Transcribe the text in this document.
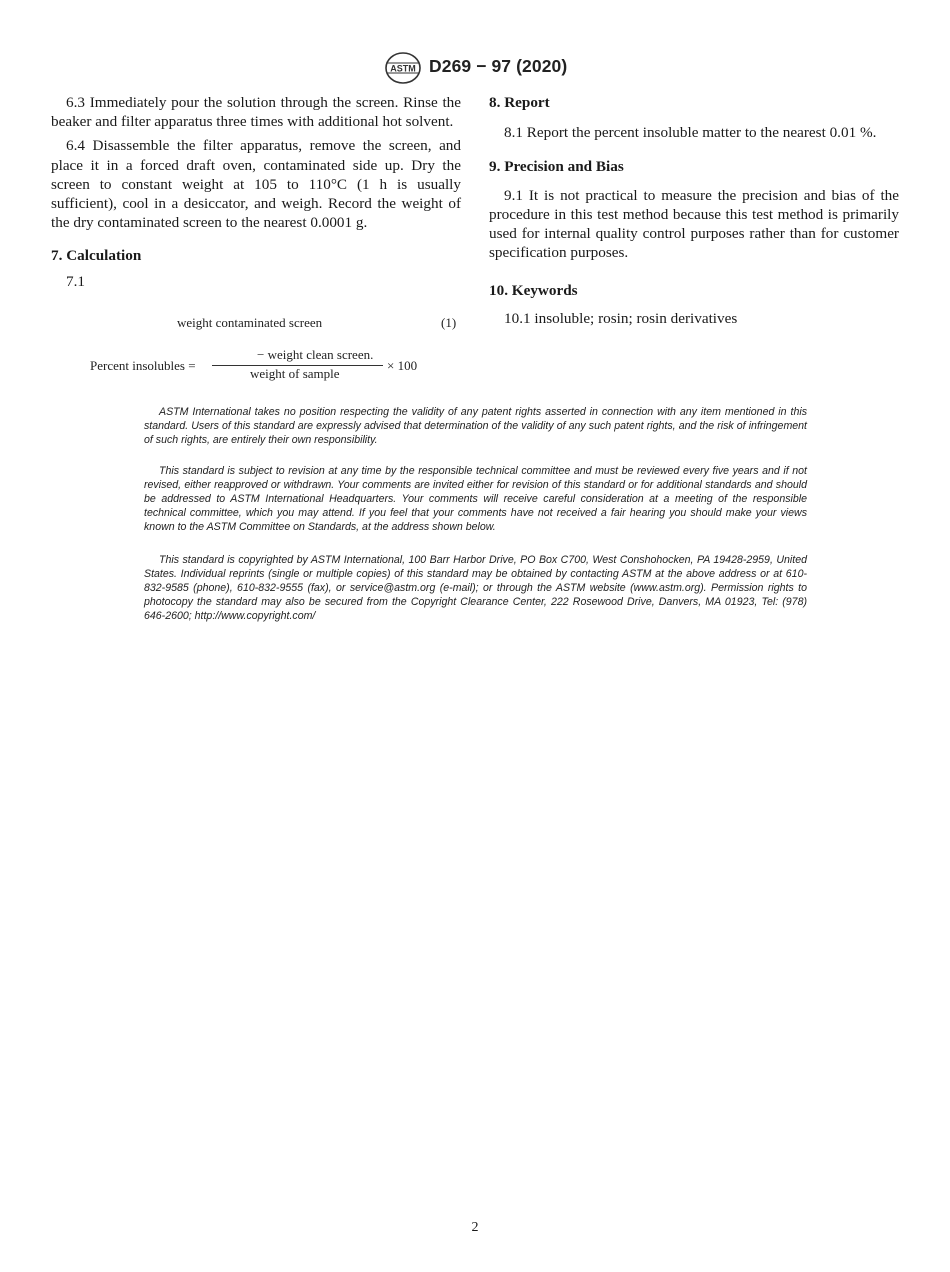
ASTM D269 − 97 (2020)

6.3 Immediately pour the solution through the screen. Rinse the beaker and filter apparatus three times with additional hot solvent.

6.4 Disassemble the filter apparatus, remove the screen, and place it in a forced draft oven, contaminated side up. Dry the screen to constant weight at 105 to 110°C (1 h is usually sufficient), cool in a desiccator, and weigh. Record the weight of the dry contaminated screen to the nearest 0.0001 g.

7. Calculation

7.1

weight contaminated screen	(1)
− weight clean screen.
Percent insolubles =	× 100
weight of sample

8. Report

8.1 Report the percent insoluble matter to the nearest 0.01 %.

9. Precision and Bias

9.1 It is not practical to measure the precision and bias of the procedure in this test method because this test method is primarily used for internal quality control purposes rather than for customer specification purposes.

10. Keywords

10.1 insoluble; rosin; rosin derivatives

ASTM International takes no position respecting the validity of any patent rights asserted in connection with any item mentioned in this standard. Users of this standard are expressly advised that determination of the validity of any such patent rights, and the risk of infringement of such rights, are entirely their own responsibility.
This standard is subject to revision at any time by the responsible technical committee and must be reviewed every five years and if not revised, either reapproved or withdrawn. Your comments are invited either for revision of this standard or for additional standards and should be addressed to ASTM International Headquarters. Your comments will receive careful consideration at a meeting of the responsible technical committee, which you may attend. If you feel that your comments have not received a fair hearing you should make your views known to the ASTM Committee on Standards, at the address shown below.
This standard is copyrighted by ASTM International, 100 Barr Harbor Drive, PO Box C700, West Conshohocken, PA 19428-2959, United States. Individual reprints (single or multiple copies) of this standard may be obtained by contacting ASTM at the above address or at 610-832-9585 (phone), 610-832-9555 (fax), or service@astm.org (e-mail); or through the ASTM website (www.astm.org). Permission rights to photocopy the standard may also be secured from the Copyright Clearance Center, 222 Rosewood Drive, Danvers, MA 01923, Tel: (978) 646-2600; http://www.copyright.com/
2
